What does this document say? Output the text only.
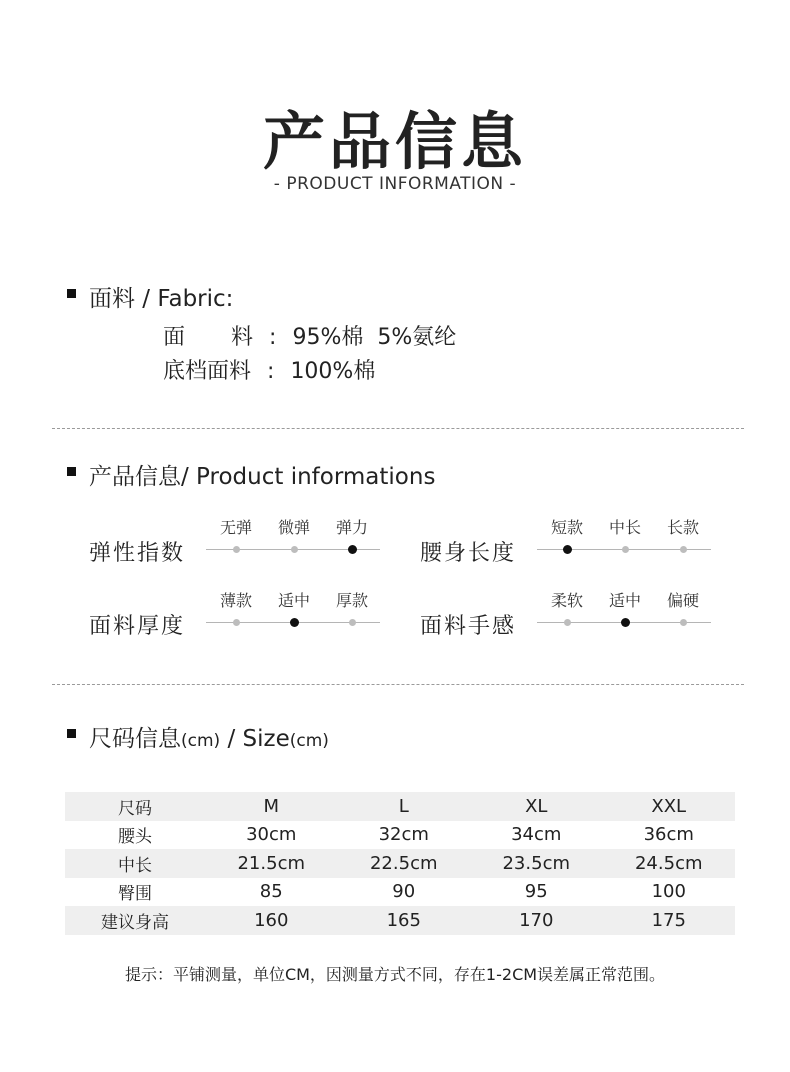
产品信息
- PRODUCT INFORMATION -
面料 / Fabric:
面 料 : 95%棉  5%氨纶
底档面料 : 100%棉
产品信息/ Product informations
弹性指数
无弹	微弹	弹力
腰身长度
短款	中长	长款
面料厚度
薄款	适中	厚款
面料手感
柔软	适中	偏硬
尺码信息(cm) / Size(cm)
尺码	M	L	XL	XXL
腰头	30cm	32cm	34cm	36cm
中长	21.5cm	22.5cm	23.5cm	24.5cm
臀围	85	90	95	100
建议身高	160	165	170	175
提示：平铺测量，单位CM，因测量方式不同，存在1-2CM误差属正常范围。
